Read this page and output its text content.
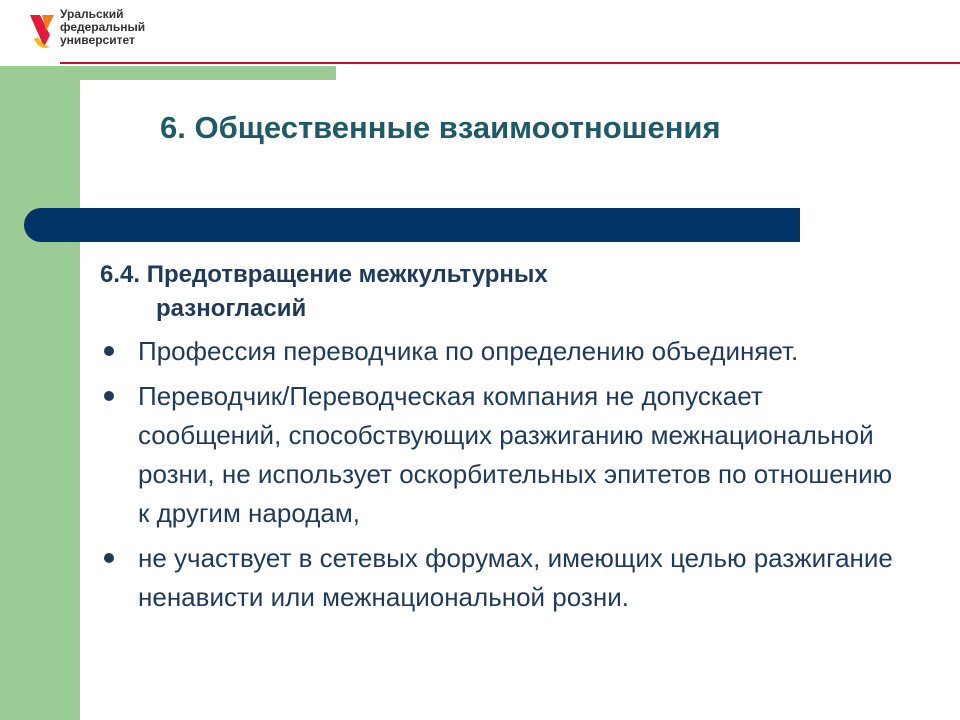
Уральский
федеральный
университет
6. Общественные взаимоотношения
6.4. Предотвращение межкультурных
разногласий
Профессия переводчика по определению объединяет.
Переводчик/Переводческая компания не допускает сообщений, способствующих разжиганию межнациональной розни, не использует оскорбительных эпитетов по отношению к другим народам,
не участвует в сетевых форумах, имеющих целью разжигание ненависти или межнациональной розни.
